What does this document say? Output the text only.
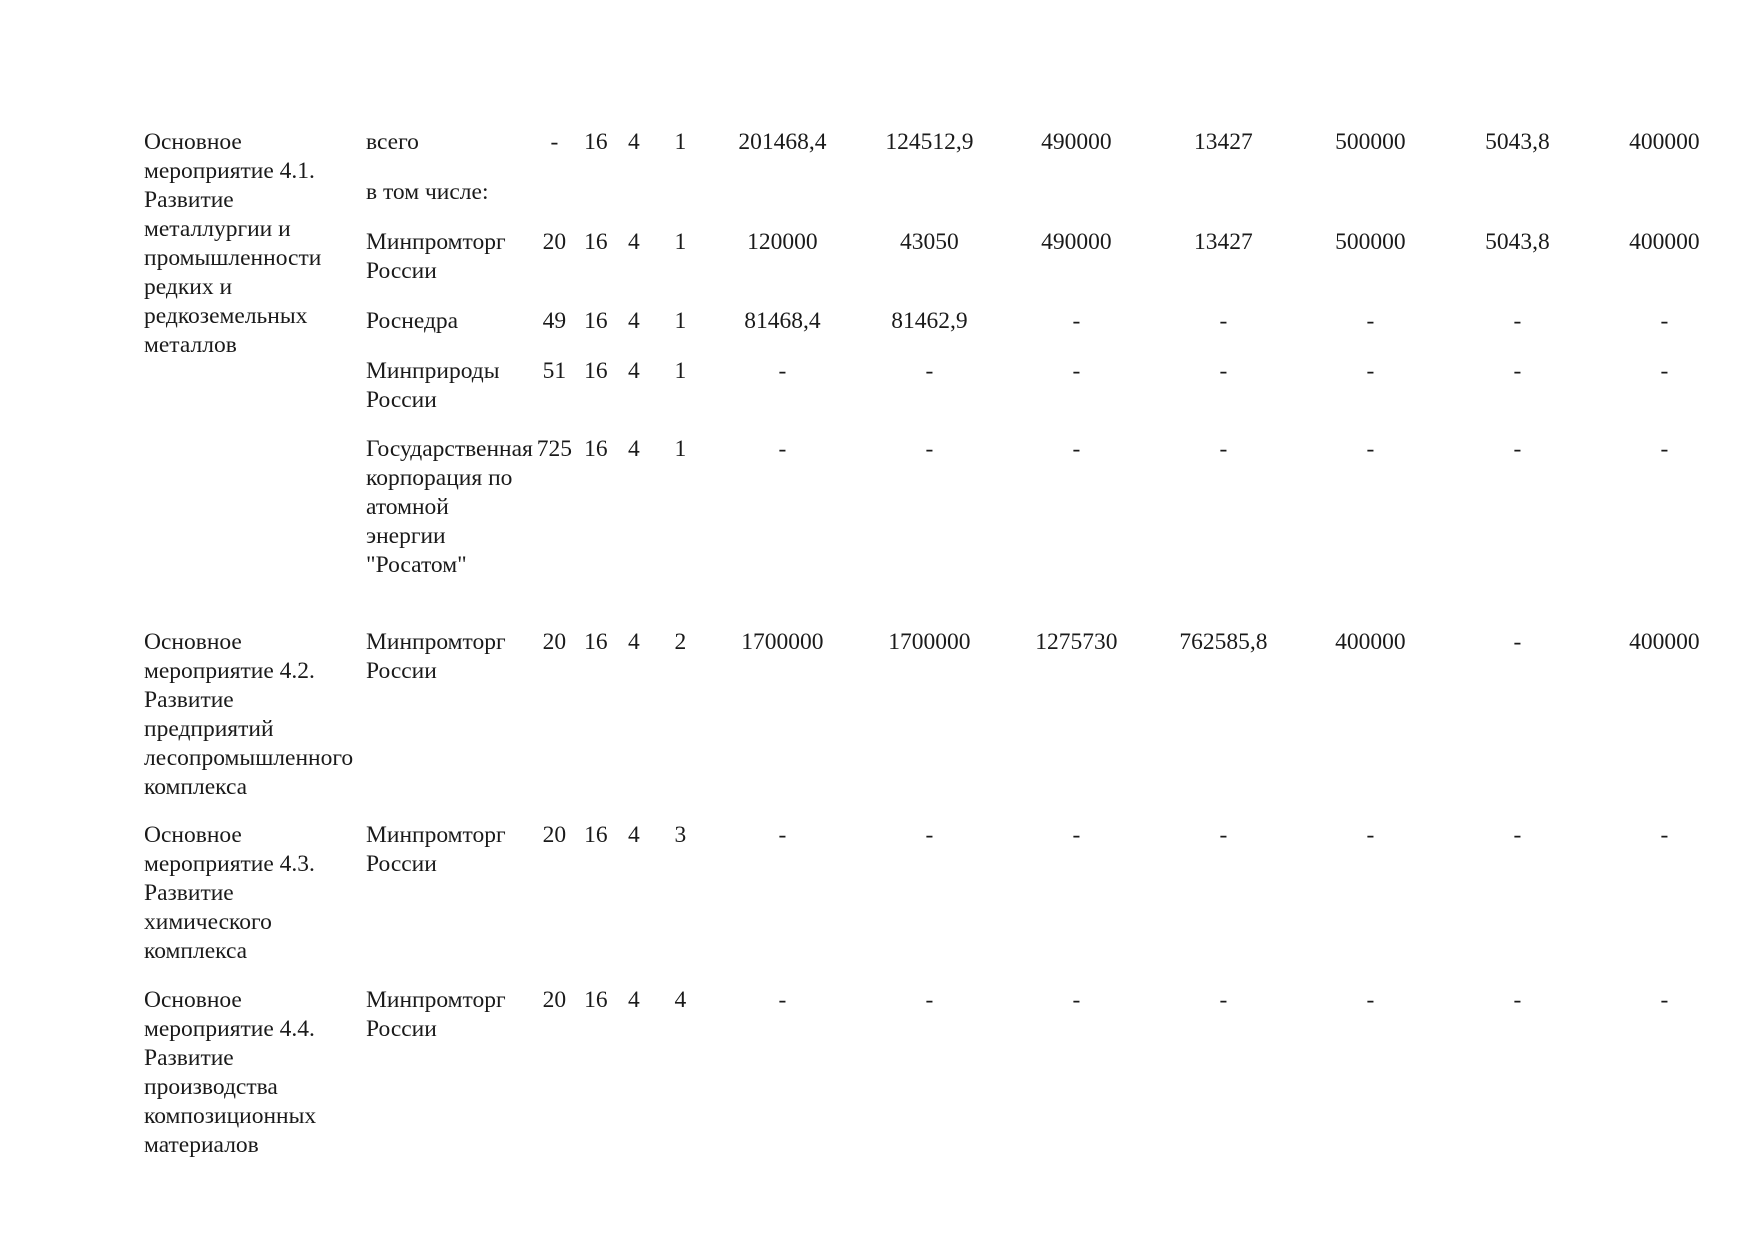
Основное мероприятие 4.1. Развитие металлургии и промышленности редких и редкоземельных металлов	всего	-	16	4	1	201468,4	124512,9	490000	13427	500000	5043,8	400000
	в том числе:											
	Минпромторг России	20	16	4	1	120000	43050	490000	13427	500000	5043,8	400000
	Роснедра	49	16	4	1	81468,4	81462,9	-	-	-	-	-
	Минприроды России	51	16	4	1	-	-	-	-	-	-	-
	Государственная корпорация по атомной энергии "Росатом"	725	16	4	1	-	-	-	-	-	-	-
Основное мероприятие 4.2. Развитие предприятий лесопромышленного комплекса	Минпромторг России	20	16	4	2	1700000	1700000	1275730	762585,8	400000	-	400000
Основное мероприятие 4.3. Развитие химического комплекса	Минпромторг России	20	16	4	3	-	-	-	-	-	-	-
Основное мероприятие 4.4. Развитие производства композиционных материалов	Минпромторг России	20	16	4	4	-	-	-	-	-	-	-
